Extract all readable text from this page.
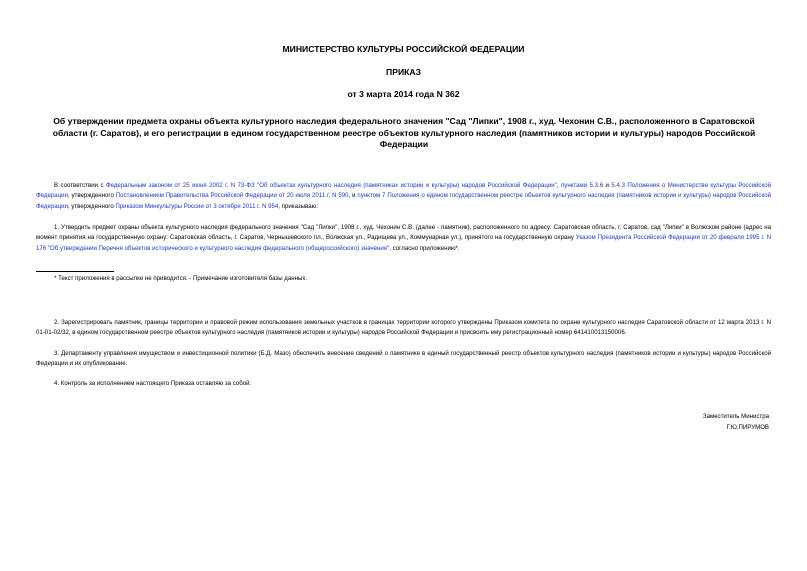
МИНИСТЕРСТВО КУЛЬТУРЫ РОССИЙСКОЙ ФЕДЕРАЦИИ
ПРИКАЗ
от 3 марта 2014 года N 362
Об утверждении предмета охраны объекта культурного наследия федерального значения "Сад "Липки", 1908 г., худ. Чехонин С.В., расположенного в Саратовской области (г. Саратов), и его регистрации в едином государственном реестре объектов культурного наследия (памятников истории и культуры) народов Российской Федерации
В соответствии с Федеральным законом от 25 июня 2002 г. N 73-ФЗ "Об объектах культурного наследия (памятниках истории и культуры) народов Российской Федерации", пунктами 5.3.6 и 5.4.3 Положения о Министерстве культуры Российской Федерации, утвержденного Постановлением Правительства Российской Федерации от 20 июля 2011 г. N 590, и пунктом 7 Положения о едином государственном реестре объектов культурного наследия (памятников истории и культуры) народов Российской Федерации, утвержденного Приказом Минкультуры России от 3 октября 2011 г. N 954, приказываю:
1. Утвердить предмет охраны объекта культурного наследия федерального значения "Сад "Липки", 1908 г., худ. Чехонин С.В. (далее - памятник), расположенного по адресу: Саратовская область, г. Саратов, сад "Липки" в Волжском районе (адрес на момент принятия на государственную охрану: Саратовская область, г. Саратов, Чернышевского пл., Волжская ул., Радищева ул., Коммунарная ул.), принятого на государственную охрану Указом Президента Российской Федерации от 20 февраля 1995 г. N 176 "Об утверждении Перечня объектов исторического и культурного наследия федерального (общероссийского) значения", согласно приложению*.
* Текст приложения в рассылке не приводится. - Примечание изготовителя базы данных.
2. Зарегистрировать памятник, границы территории и правовой режим использования земельных участков в границах территории которого утверждены Приказом комитета по охране культурного наследия Саратовской области от 12 марта 2013 г. N 01-01-02/32, в едином государственном реестре объектов культурного наследия (памятников истории и культуры) народов Российской Федерации и присвоить ему регистрационный номер 641410013150006.
3. Департаменту управления имуществом и инвестиционной политики (Б.Д. Мазо) обеспечить внесение сведений о памятнике в единый государственный реестр объектов культурного наследия (памятников истории и культуры) народов Российской Федерации и их опубликование.
4. Контроль за исполнением настоящего Приказа оставляю за собой.
Заместитель Министра
Г.Ю.ПИРУМОВ
